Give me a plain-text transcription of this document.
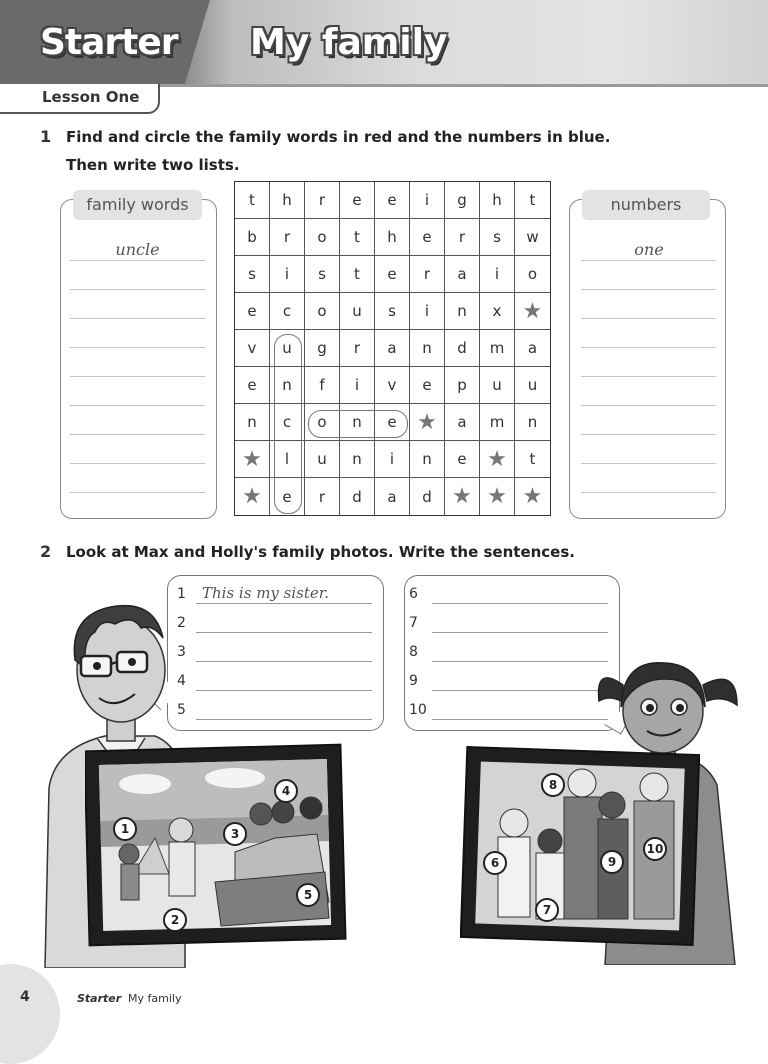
Starter My family
Lesson One
1 Find and circle the family words in red and the numbers in blue.
Then write two lists.
family words
uncle
t	h	r	e	e	i	g	h	t
b	r	o	t	h	e	r	s	w
s	i	s	t	e	r	a	i	o
e	c	o	u	s	i	n	x ★
v	u	g	r	a	n	d	m	a
e	n	f	i	v	e	p	u	u
n	c	o	n	e ★	a	m	n
★	l	u	n	i	n	e ★	t
★	e	r	d	a	d ★ ★ ★
numbers
one
2 Look at Max and Holly's family photos. Write the sentences.
1
2
3
4
5
6
7
8
9
10
This is my sister.
1
2
3
4
5
6
7
8
9
10
4	Starter My family
